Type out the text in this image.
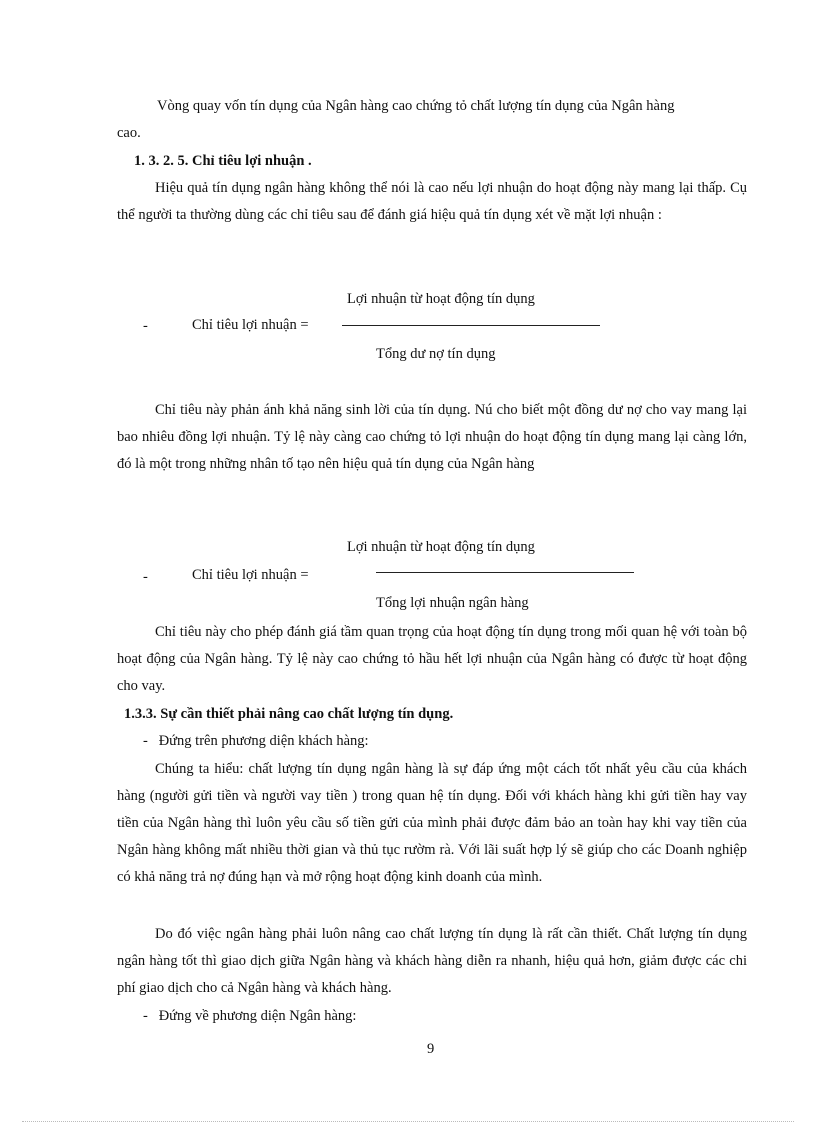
Vòng quay vốn tín dụng của Ngân hàng cao chứng tỏ chất lượng tín dụng của Ngân hàng

cao.

1. 3. 2. 5. Chỉ tiêu lợi nhuận .

Hiệu quả tín dụng ngân hàng không thể nói là cao nếu lợi nhuận do hoạt động này mang lại thấp. Cụ thể người ta thường dùng các chỉ tiêu sau để đánh giá hiệu quả tín dụng xét về mặt lợi nhuận :

-	Chỉ tiêu lợi nhuận =
Lợi nhuận từ hoạt động tín dụng
Tổng dư nợ tín dụng

Chỉ tiêu này phản ánh khả năng sinh lời của tín dụng. Nú cho biết một đồng dư nợ cho vay mang lại bao nhiêu đồng lợi nhuận. Tỷ lệ này càng cao chứng tỏ lợi nhuận do hoạt động tín dụng mang lại càng lớn, đó là một trong những nhân tố tạo nên hiệu quả tín dụng của Ngân hàng

-	Chỉ tiêu lợi nhuận =
Lợi nhuận từ hoạt động tín dụng
Tổng lợi nhuận ngân hàng

Chỉ tiêu này cho phép đánh giá tầm quan trọng của hoạt động tín dụng trong mối quan hệ với toàn bộ hoạt động của Ngân hàng. Tỷ lệ này cao chứng tỏ hầu hết lợi nhuận của Ngân hàng có được từ hoạt động cho vay.

1.3.3. Sự cần thiết phải nâng cao chất lượng tín dụng.

-   Đứng trên phương diện khách hàng:

Chúng ta hiểu: chất lượng tín dụng ngân hàng là sự đáp ứng một cách tốt nhất yêu cầu của khách hàng (người gửi tiền và người vay tiền ) trong quan hệ tín dụng. Đối với khách hàng khi gửi tiền hay vay tiền của Ngân hàng thì luôn yêu cầu số tiền gửi của mình phải được đảm bảo an toàn hay khi vay tiền của Ngân hàng không mất nhiều thời gian và thủ tục rườm rà. Với lãi suất hợp lý sẽ giúp cho các Doanh nghiệp có khả năng trả nợ đúng hạn và mở rộng hoạt động kinh doanh của mình.

Do đó việc ngân hàng phải luôn nâng cao chất lượng tín dụng là rất cần thiết. Chất lượng tín dụng ngân hàng tốt thì giao dịch giữa Ngân hàng và khách hàng diễn ra nhanh, hiệu quả hơn, giảm được các chi phí giao dịch cho cả Ngân hàng và khách hàng.

-   Đứng về phương diện Ngân hàng:

9
